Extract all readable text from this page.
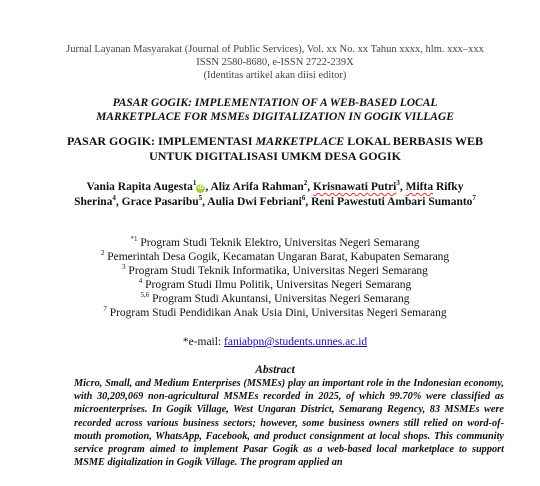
Jurnal Layanan Masyarakat (Journal of Public Services), Vol. xx No. xx Tahun xxxx, hlm. xxx–xxx
ISSN 2580-8680, e-ISSN 2722-239X
(Identitas artikel akan diisi editor)
PASAR GOGIK: IMPLEMENTATION OF A WEB-BASED LOCAL
MARKETPLACE FOR MSMEs DIGITALIZATION IN GOGIK VILLAGE
PASAR GOGIK: IMPLEMENTASI MARKETPLACE LOKAL BERBASIS WEB
UNTUK DIGITALISASI UMKM DESA GOGIK
Vania Rapita Augesta$^1$iD , Aliz Arifa Rahman$^2$, Krisnawati Putri$^3$, Mifta Rifky
Sherina$^4$, Grace Pasaribu$^5$, Aulia Dwi Febriani$^6$, Reni Pawestuti Ambari Sumanto$^7$
$^{*1}$ Program Studi Teknik Elektro, Universitas Negeri Semarang
$^2$ Pemerintah Desa Gogik, Kecamatan Ungaran Barat, Kabupaten Semarang
$^3$ Program Studi Teknik Informatika, Universitas Negeri Semarang
$^4$ Program Studi Ilmu Politik, Universitas Negeri Semarang
$^{5,6}$ Program Studi Akuntansi, Universitas Negeri Semarang
$^7$ Program Studi Pendidikan Anak Usia Dini, Universitas Negeri Semarang
*e-mail: faniabpn@students.unnes.ac.id
Abstract
Micro, Small, and Medium Enterprises (MSMEs) play an important role in the Indonesian economy, with 30,209,069 non-agricultural MSMEs recorded in 2025, of which 99.70% were classified as microenterprises. In Gogik Village, West Ungaran District, Semarang Regency, 83 MSMEs were recorded across various business sectors; however, some business owners still relied on word-of-mouth promotion, WhatsApp, Facebook, and product consignment at local shops. This community service program aimed to implement Pasar Gogik as a web-based local marketplace to support MSME digitalization in Gogik Village. The program applied an
